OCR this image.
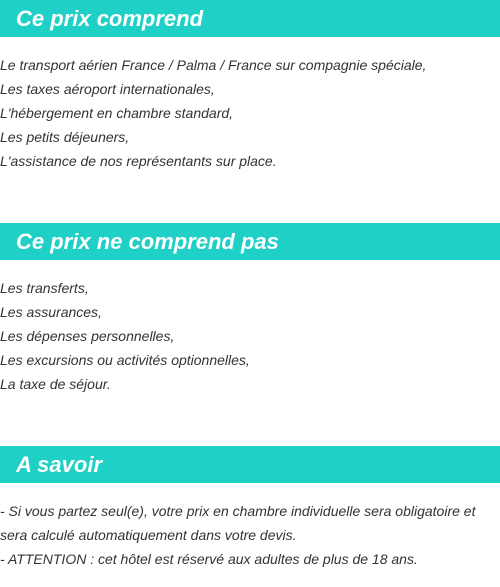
Ce prix comprend
Le transport aérien France / Palma / France sur compagnie spéciale,
Les taxes aéroport internationales,
L'hébergement en chambre standard,
Les petits déjeuners,
L'assistance de nos représentants sur place.
Ce prix ne comprend pas
Les transferts,
Les assurances,
Les dépenses personnelles,
Les excursions ou activités optionnelles,
La taxe de séjour.
A savoir

- Si vous partez seul(e), votre prix en chambre individuelle sera obligatoire et sera calculé automatiquement dans votre devis.

- ATTENTION : cet hôtel est réservé aux adultes de plus de 18 ans.
